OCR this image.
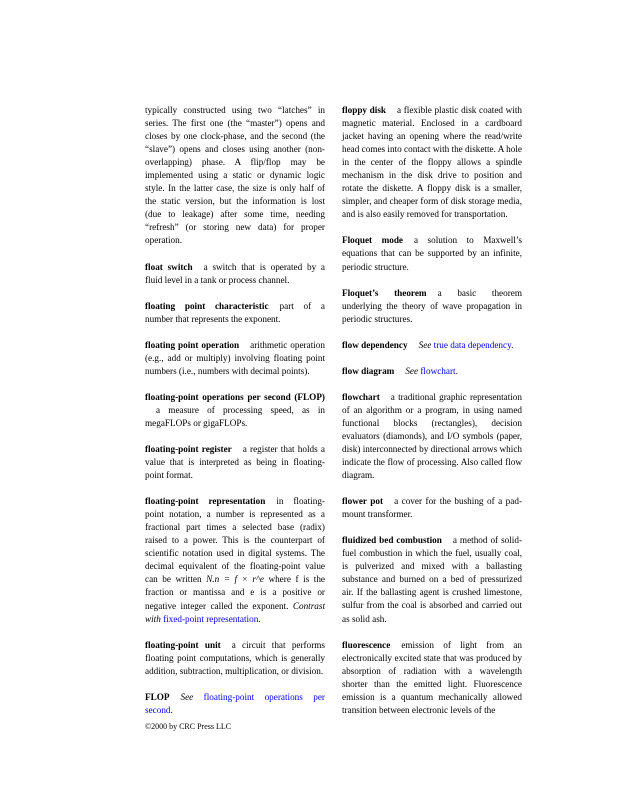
typically constructed using two “latches” in series. The first one (the “master”) opens and closes by one clock-phase, and the second (the “slave”) opens and closes using another (non-overlapping) phase. A flip/flop may be implemented using a static or dynamic logic style. In the latter case, the size is only half of the static version, but the information is lost (due to leakage) after some time, needing “refresh” (or storing new data) for proper operation.

float switch a switch that is operated by a fluid level in a tank or process channel.

floating point characteristic part of a number that represents the exponent.

floating point operation arithmetic operation (e.g., add or multiply) involving floating point numbers (i.e., numbers with decimal points).

floating-point operations per second (FLOP)a measure of processing speed, as in megaFLOPs or gigaFLOPs.

floating-point register a register that holds a value that is interpreted as being in floating-point format.

floating-point representation in floating-point notation, a number is represented as a fractional part times a selected base (radix) raised to a power. This is the counterpart of scientific notation used in digital systems. The decimal equivalent of the floating-point value can be written N.n = f × r^e where f is the fraction or mantissa and e is a positive or negative integer called the exponent. Contrast with fixed-point representation.

floating-point unit a circuit that performs floating point computations, which is generally addition, subtraction, multiplication, or division.

FLOP See floating-point operations per second.

floppy disk a flexible plastic disk coated with magnetic material. Enclosed in a cardboard jacket having an opening where the read/write head comes into contact with the diskette. A hole in the center of the floppy allows a spindle mechanism in the disk drive to position and rotate the diskette. A floppy disk is a smaller, simpler, and cheaper form of disk storage media, and is also easily removed for transportation.

Floquet mode a solution to Maxwell’s equations that can be supported by an infinite, periodic structure.

Floquet’s theorem a basic theorem underlying the theory of wave propagation in periodic structures.

flow dependency See true data dependency.

flow diagram See flowchart.

flowchart a traditional graphic representation of an algorithm or a program, in using named functional blocks (rectangles), decision evaluators (diamonds), and I/O symbols (paper, disk) interconnected by directional arrows which indicate the flow of processing. Also called flow diagram.

flower pot a cover for the bushing of a pad-mount transformer.

fluidized bed combustion a method of solid-fuel combustion in which the fuel, usually coal, is pulverized and mixed with a ballasting substance and burned on a bed of pressurized air. If the ballasting agent is crushed limestone, sulfur from the coal is absorbed and carried out as solid ash.

fluorescence emission of light from an electronically excited state that was produced by absorption of radiation with a wavelength shorter than the emitted light. Fluorescence emission is a quantum mechanically allowed transition between electronic levels of the

©2000 by CRC Press LLC
